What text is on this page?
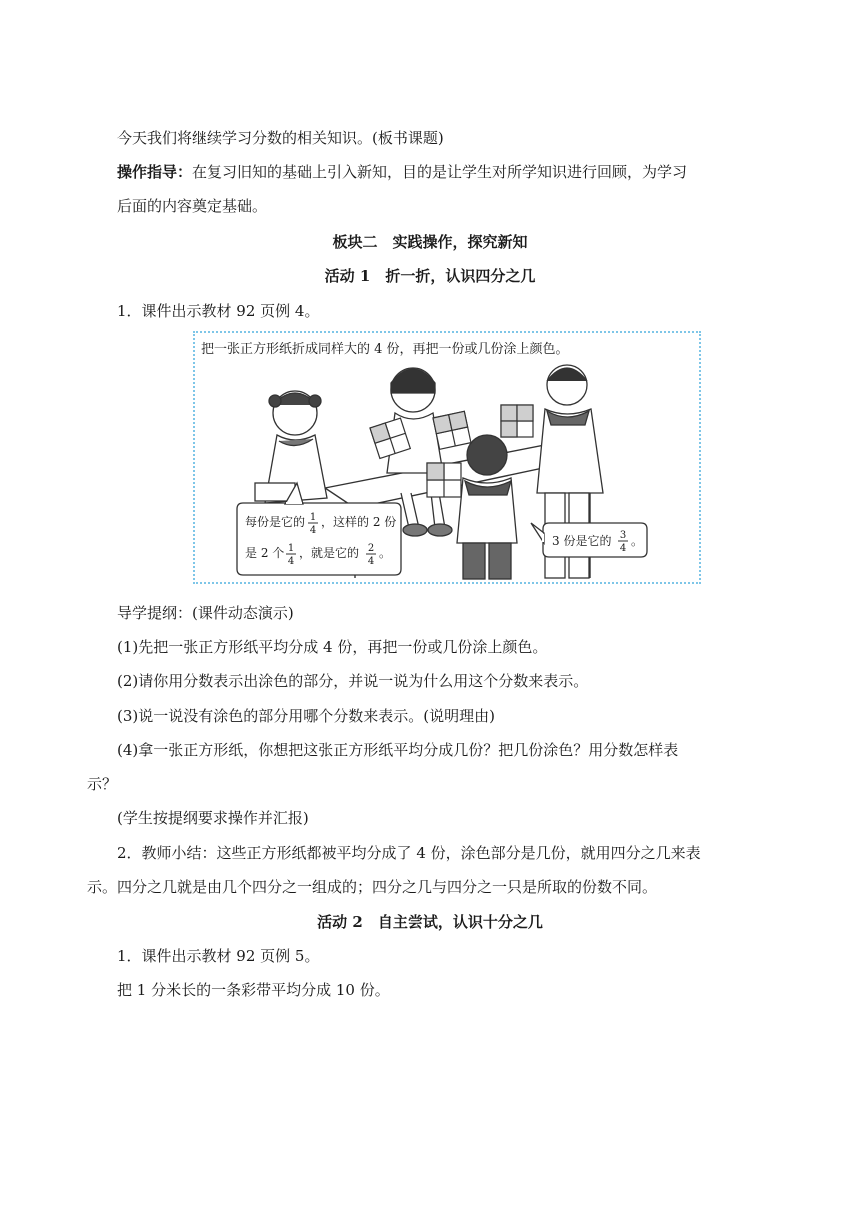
今天我们将继续学习分数的相关知识。(板书课题)
操作指导：在复习旧知的基础上引入新知，目的是让学生对所学知识进行回顾，为学习
后面的内容奠定基础。
板块二　实践操作，探究新知
活动 1　折一折，认识四分之几
1．课件出示教材 92 页例 4。
把一张正方形纸折成同样大的 4 份，再把一份或几份涂上颜色。
每份是它的 1
4
，这样的 2 份
是 2 个 1
4
，就是它的 2
4
。
3 份是它的 3
4
。
导学提纲：(课件动态演示)
(1)先把一张正方形纸平均分成 4 份，再把一份或几份涂上颜色。
(2)请你用分数表示出涂色的部分，并说一说为什么用这个分数来表示。
(3)说一说没有涂色的部分用哪个分数来表示。(说明理由)
(4)拿一张正方形纸，你想把这张正方形纸平均分成几份？把几份涂色？用分数怎样表
示？
(学生按提纲要求操作并汇报)
2．教师小结：这些正方形纸都被平均分成了 4 份，涂色部分是几份，就用四分之几来表
示。四分之几就是由几个四分之一组成的；四分之几与四分之一只是所取的份数不同。
活动 2　自主尝试，认识十分之几
1．课件出示教材 92 页例 5。
把 1 分米长的一条彩带平均分成 10 份。
